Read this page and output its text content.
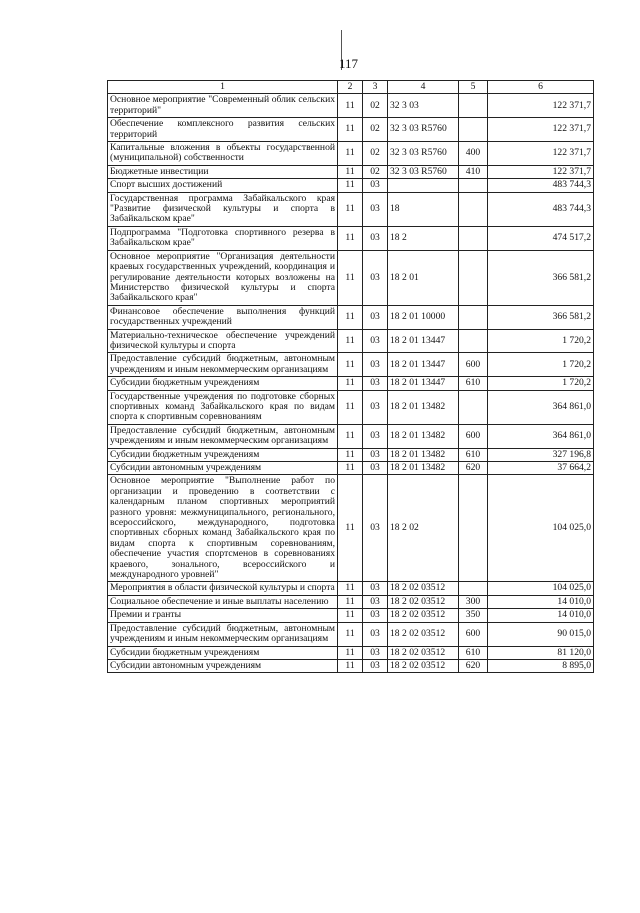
117
1	2	3	4	5	6
Основное мероприятие "Современный облик сельских территорий"	11	02	32 3 03		122 371,7
Обеспечение комплексного развития сельских территорий	11	02	32 3 03 R5760		122 371,7
Капитальные вложения в объекты государственной (муниципальной) собственности	11	02	32 3 03 R5760	400	122 371,7
Бюджетные инвестиции	11	02	32 3 03 R5760	410	122 371,7
Спорт высших достижений	11	03			483 744,3
Государственная программа Забайкальского края "Развитие физической культуры и спорта в Забайкальском крае"	11	03	18		483 744,3
Подпрограмма "Подготовка спортивного резерва в Забайкальском крае"	11	03	18 2		474 517,2
Основное мероприятие "Организация деятельности краевых государственных учреждений, координация и регулирование деятельности которых возложены на Министерство физической культуры и спорта Забайкальского края"	11	03	18 2 01		366 581,2
Финансовое обеспечение выполнения функций государственных учреждений	11	03	18 2 01 10000		366 581,2
Материально-техническое обеспечение учреждений физической культуры и спорта	11	03	18 2 01 13447		1 720,2
Предоставление субсидий бюджетным, автономным учреждениям и иным некоммерческим организациям	11	03	18 2 01 13447	600	1 720,2
Субсидии бюджетным учреждениям	11	03	18 2 01 13447	610	1 720,2
Государственные учреждения по подготовке сборных спортивных команд Забайкальского края по видам спорта к спортивным соревнованиям	11	03	18 2 01 13482		364 861,0
Предоставление субсидий бюджетным, автономным учреждениям и иным некоммерческим организациям	11	03	18 2 01 13482	600	364 861,0
Субсидии бюджетным учреждениям	11	03	18 2 01 13482	610	327 196,8
Субсидии автономным учреждениям	11	03	18 2 01 13482	620	37 664,2
Основное мероприятие "Выполнение работ по организации и проведению в соответствии с календарным планом спортивных мероприятий разного уровня: межмуниципального, регионального, всероссийского, международного, подготовка спортивных сборных команд Забайкальского края по видам спорта к спортивным соревнованиям, обеспечение участия спортсменов в соревнованиях краевого, зонального, всероссийского и международного уровней"	11	03	18 2 02		104 025,0
Мероприятия в области физической культуры и спорта	11	03	18 2 02 03512		104 025,0
Социальное обеспечение и иные выплаты населению	11	03	18 2 02 03512	300	14 010,0
Премии и гранты	11	03	18 2 02 03512	350	14 010,0
Предоставление субсидий бюджетным, автономным учреждениям и иным некоммерческим организациям	11	03	18 2 02 03512	600	90 015,0
Субсидии бюджетным учреждениям	11	03	18 2 02 03512	610	81 120,0
Субсидии автономным учреждениям	11	03	18 2 02 03512	620	8 895,0
